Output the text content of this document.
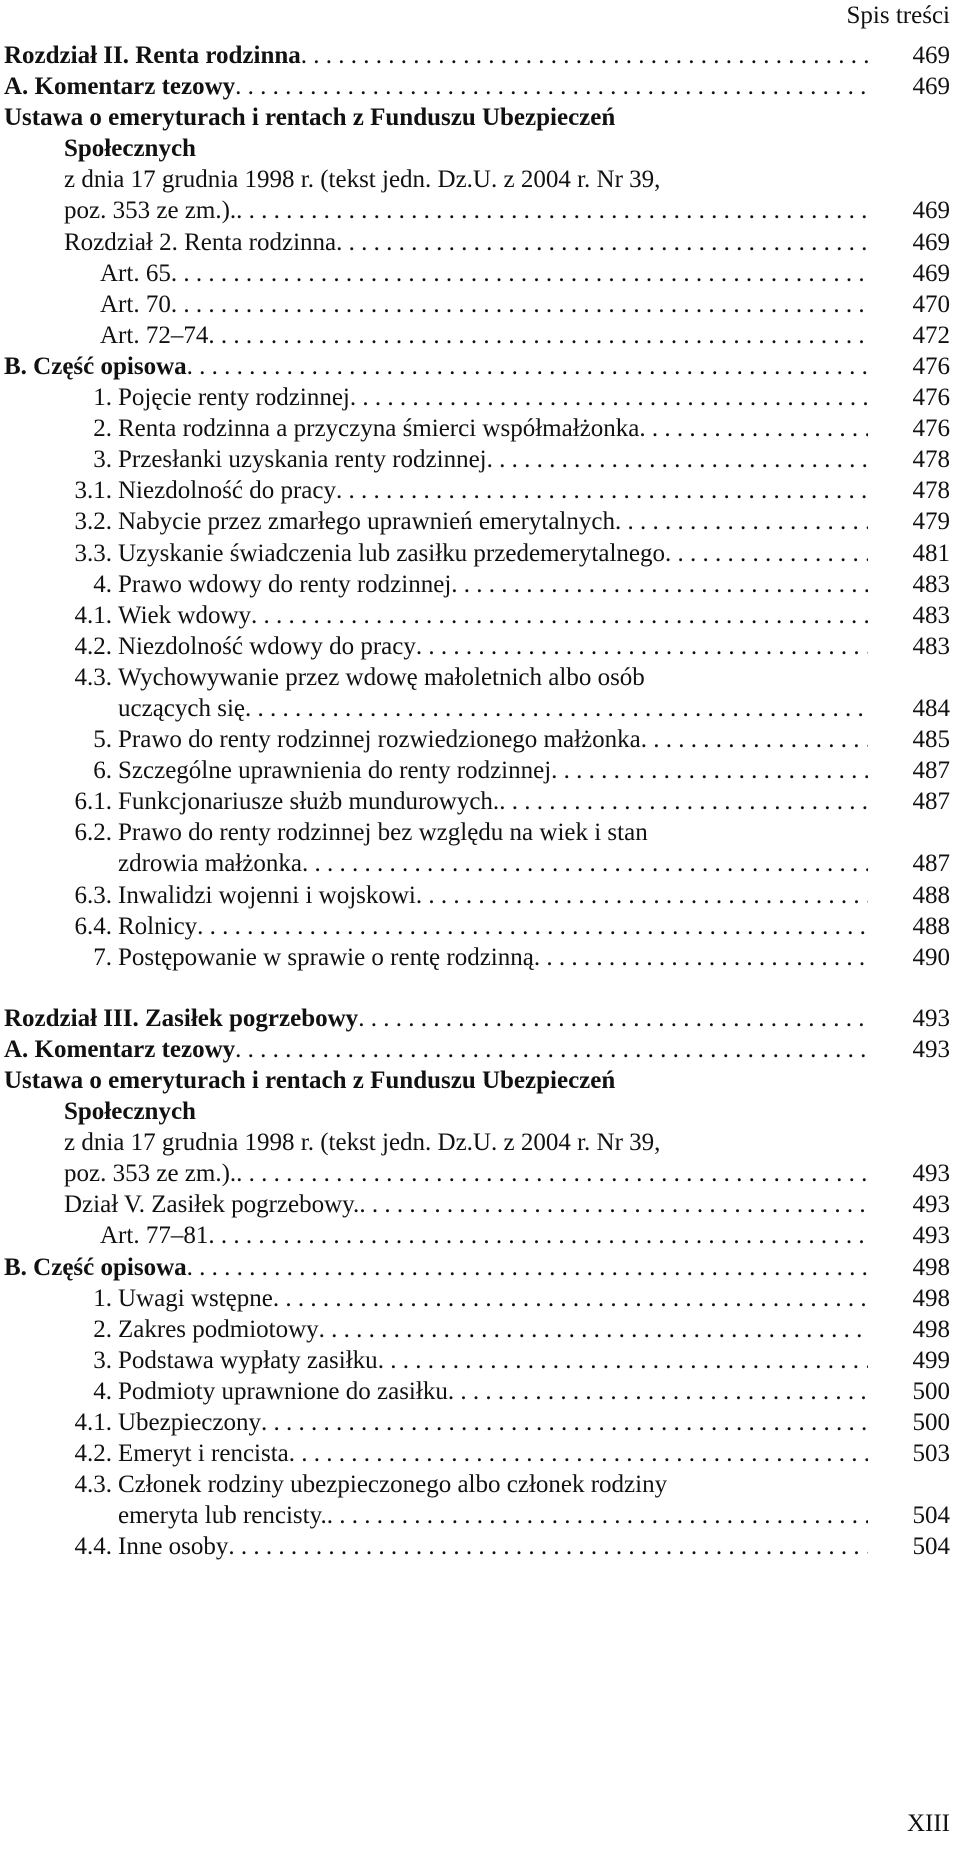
Spis treści
Rozdział II. Renta rodzinna . . .	469
A. Komentarz tezowy . . .	469
Ustawa o emeryturach i rentach z Funduszu Ubezpieczeń
Społecznych
z dnia 17 grudnia 1998 r. (tekst jedn. Dz.U. z 2004 r. Nr 39,
poz. 353 ze zm.). . . .	469
Rozdział 2. Renta rodzinna . . .	469
Art. 65 . . .	469
Art. 70 . . .	470
Art. 72–74 . . .	472
B. Część opisowa . . .	476
1. Pojęcie renty rodzinnej . . .	476
2. Renta rodzinna a przyczyna śmierci współmałżonka . . .	476
3. Przesłanki uzyskania renty rodzinnej . . .	478
3.1. Niezdolność do pracy . . .	478
3.2. Nabycie przez zmarłego uprawnień emerytalnych . . .	479
3.3. Uzyskanie świadczenia lub zasiłku przedemerytalnego . . .	481
4. Prawo wdowy do renty rodzinnej . . .	483
4.1. Wiek wdowy . . .	483
4.2. Niezdolność wdowy do pracy . . .	483
4.3. Wychowywanie przez wdowę małoletnich albo osób
uczących się . . .	484
5. Prawo do renty rodzinnej rozwiedzionego małżonka . . .	485
6. Szczególne uprawnienia do renty rodzinnej . . .	487
6.1. Funkcjonariusze służb mundurowych. . . .	487
6.2. Prawo do renty rodzinnej bez względu na wiek i stan
zdrowia małżonka . . .	487
6.3. Inwalidzi wojenni i wojskowi . . .	488
6.4. Rolnicy . . .	488
7. Postępowanie w sprawie o rentę rodzinną . . .	490
Rozdział III. Zasiłek pogrzebowy . . .	493
A. Komentarz tezowy . . .	493
Ustawa o emeryturach i rentach z Funduszu Ubezpieczeń
Społecznych
z dnia 17 grudnia 1998 r. (tekst jedn. Dz.U. z 2004 r. Nr 39,
poz. 353 ze zm.). . . .	493
Dział V. Zasiłek pogrzebowy. . . .	493
Art. 77–81 . . .	493
B. Część opisowa . . .	498
1. Uwagi wstępne . . .	498
2. Zakres podmiotowy . . .	498
3. Podstawa wypłaty zasiłku . . .	499
4. Podmioty uprawnione do zasiłku . . .	500
4.1. Ubezpieczony . . .	500
4.2. Emeryt i rencista . . .	503
4.3. Członek rodziny ubezpieczonego albo członek rodziny
emeryta lub rencisty. . . .	504
4.4. Inne osoby . . .	504
XIII
